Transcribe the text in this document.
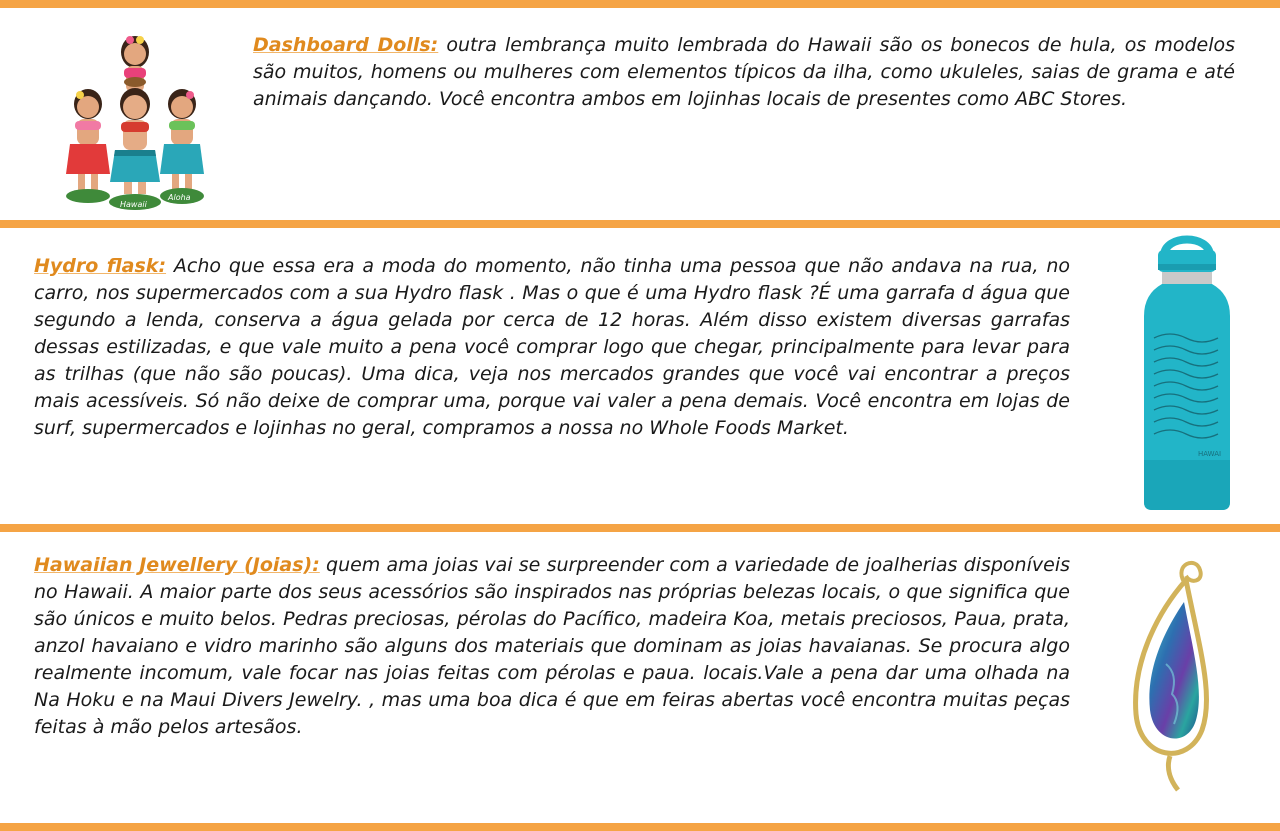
Hawaii
Aloha
Dashboard Dolls: outra lembrança muito lembrada do Hawaii são os bonecos de hula, os modelos são muitos, homens ou mulheres com elementos típicos da ilha, como ukuleles, saias de grama e até animais dançando. Você encontra ambos em lojinhas locais de presentes como ABC Stores.
Hydro flask: Acho que essa era a moda do momento, não tinha uma pessoa que não andava na rua, no carro, nos supermercados com a sua Hydro flask . Mas o que é uma Hydro flask ?É uma garrafa d água que segundo a lenda, conserva a água gelada por cerca de 12 horas. Além disso existem diversas garrafas dessas estilizadas, e que vale muito a pena você comprar logo que chegar, principalmente para levar para as trilhas (que não são poucas). Uma dica, veja nos mercados grandes que você vai encontrar a preços mais acessíveis. Só não deixe de comprar uma, porque vai valer a pena demais. Você encontra em lojas de surf, supermercados e lojinhas no geral, compramos a nossa no Whole Foods Market.
HAWAI
Hawaiian Jewellery (Joias): quem ama joias vai se surpreender com a variedade de joalherias disponíveis no Hawaii. A maior parte dos seus acessórios são inspirados nas próprias belezas locais, o que significa que são únicos e muito belos. Pedras preciosas, pérolas do Pacífico, madeira Koa, metais preciosos, Paua, prata, anzol havaiano e vidro marinho são alguns dos materiais que dominam as joias havaianas. Se procura algo realmente incomum, vale focar nas joias feitas com pérolas e paua. locais.Vale a pena dar uma olhada na Na Hoku e na Maui Divers Jewelry. , mas uma boa dica é que em feiras abertas você encontra muitas peças feitas à mão pelos artesãos.
